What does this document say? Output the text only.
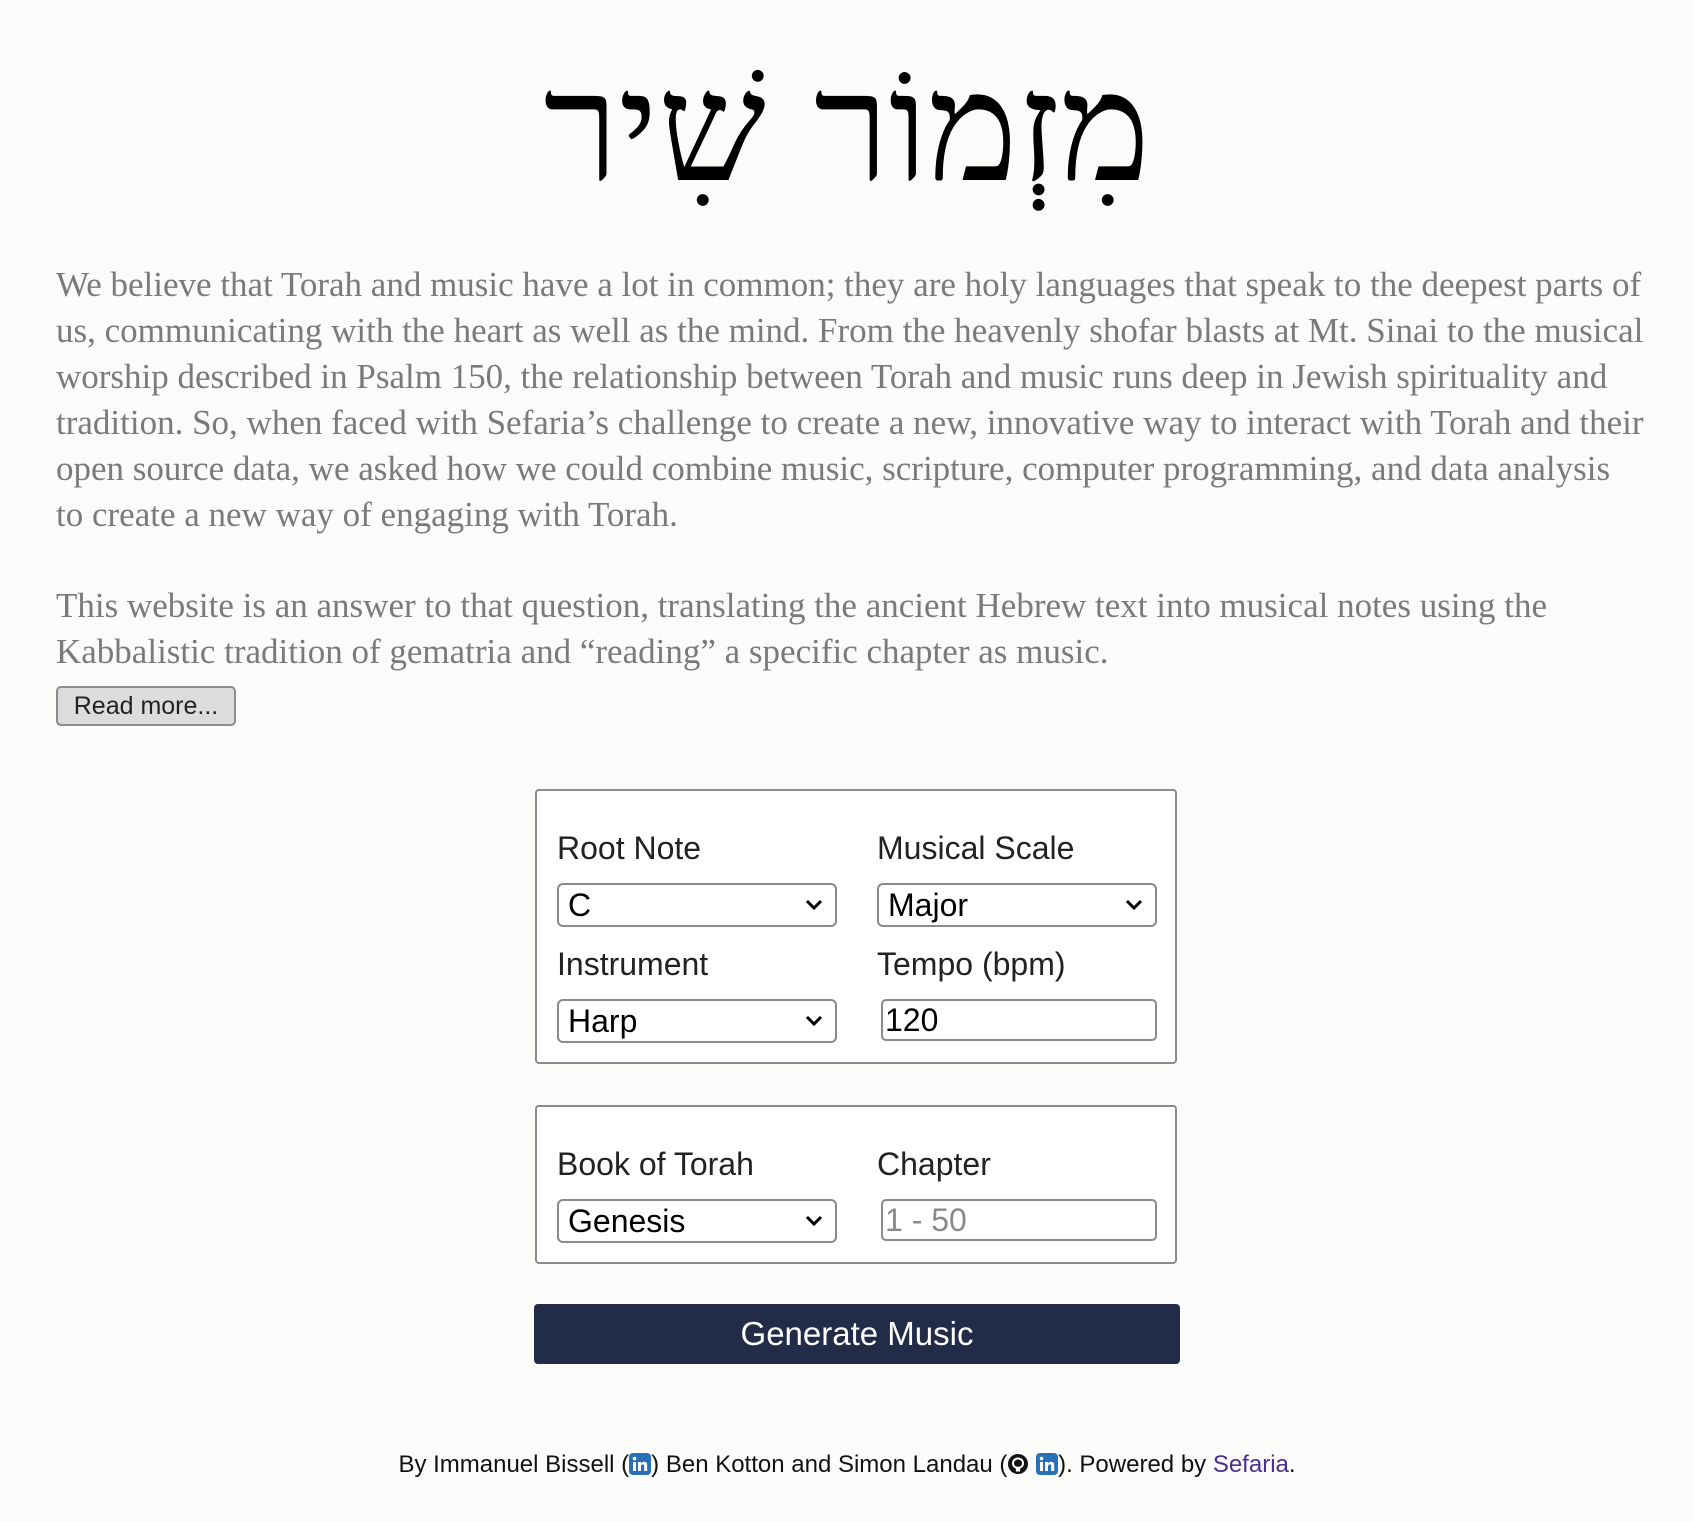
מִזְמוֹר שִׁיר

We believe that Torah and music have a lot in common; they are holy languages that speak to the deepest parts of us, communicating with the heart as well as the mind. From the heavenly shofar blasts at Mt. Sinai to the musical worship described in Psalm 150, the relationship between Torah and music runs deep in Jewish spirituality and tradition. So, when faced with Sefaria’s challenge to create a new, innovative way to interact with Torah and their open source data, we asked how we could combine music, scripture, computer programming, and data analysis to create a new way of engaging with Torah.

This website is an answer to that question, translating the ancient Hebrew text into musical notes using the Kabbalistic tradition of gematria and “reading” a specific chapter as music.

Read more...
Root Note
C
Musical Scale
Major
Instrument
Harp
Tempo (bpm)
120
Book of Torah
Genesis
Chapter
1 - 50
Generate Music
By Immanuel Bissell ( ) Ben Kotton and Simon Landau ( ). Powered by Sefaria.
